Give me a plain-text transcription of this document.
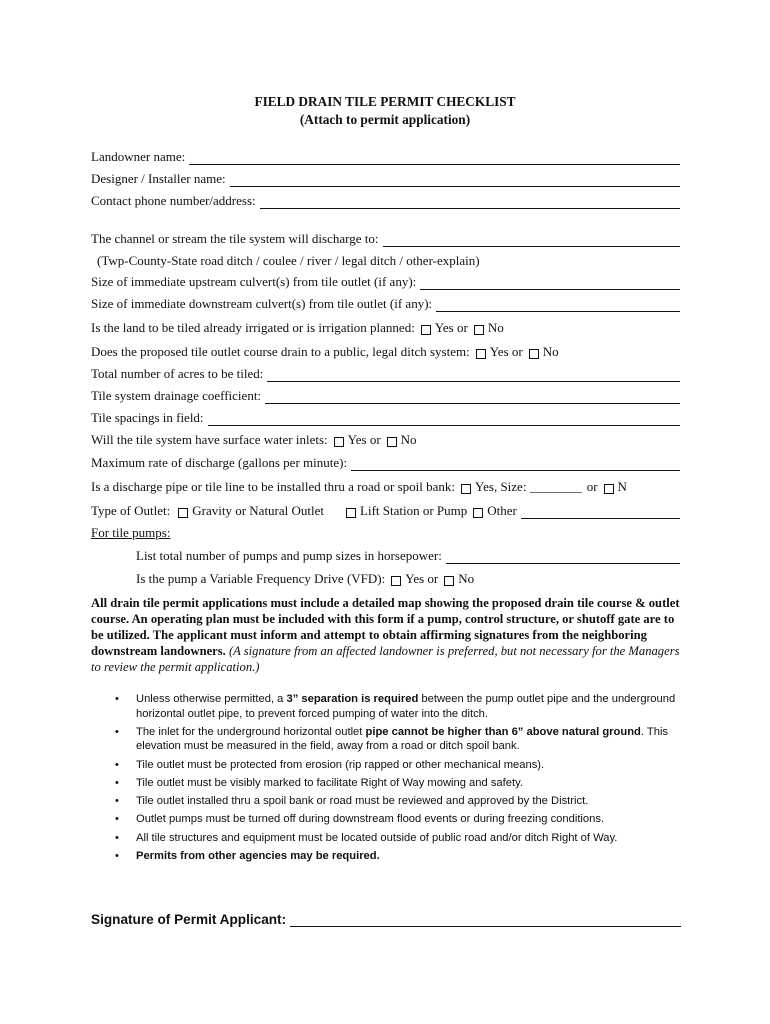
FIELD DRAIN TILE PERMIT CHECKLIST
(Attach to permit application)
Landowner name:
Designer / Installer name:
Contact phone number/address:
The channel or stream the tile system will discharge to:
(Twp-County-State road ditch / coulee / river / legal ditch / other-explain)
Size of immediate upstream culvert(s) from tile outlet (if any):
Size of immediate downstream culvert(s) from tile outlet (if any):
Is the land to be tiled already irrigated or is irrigation planned: Yes or No
Does the proposed tile outlet course drain to a public, legal ditch system: Yes or No
Total number of acres to be tiled:
Tile system drainage coefficient:
Tile spacings in field:
Will the tile system have surface water inlets: Yes or No
Maximum rate of discharge (gallons per minute):
Is a discharge pipe or tile line to be installed thru a road or spoil bank: Yes, Size: ________ or N
Type of Outlet: Gravity or Natural Outlet	Lift Station or Pump Other
For tile pumps:
List total number of pumps and pump sizes in horsepower:
Is the pump a Variable Frequency Drive (VFD): Yes or No
All drain tile permit applications must include a detailed map showing the proposed drain tile course & outlet course. An operating plan must be included with this form if a pump, control structure, or shutoff gate are to be utilized. The applicant must inform and attempt to obtain affirming signatures from the neighboring downstream landowners. (A signature from an affected landowner is preferred, but not necessary for the Managers to review the permit application.)
• Unless otherwise permitted, a 3” separation is required between the pump outlet pipe and the underground horizontal outlet pipe, to prevent forced pumping of water into the ditch.
• The inlet for the underground horizontal outlet pipe cannot be higher than 6” above natural ground. This elevation must be measured in the field, away from a road or ditch spoil bank.
• Tile outlet must be protected from erosion (rip rapped or other mechanical means).
• Tile outlet must be visibly marked to facilitate Right of Way mowing and safety.
• Tile outlet installed thru a spoil bank or road must be reviewed and approved by the District.
• Outlet pumps must be turned off during downstream flood events or during freezing conditions.
• All tile structures and equipment must be located outside of public road and/or ditch Right of Way.
• Permits from other agencies may be required.
Signature of Permit Applicant:
